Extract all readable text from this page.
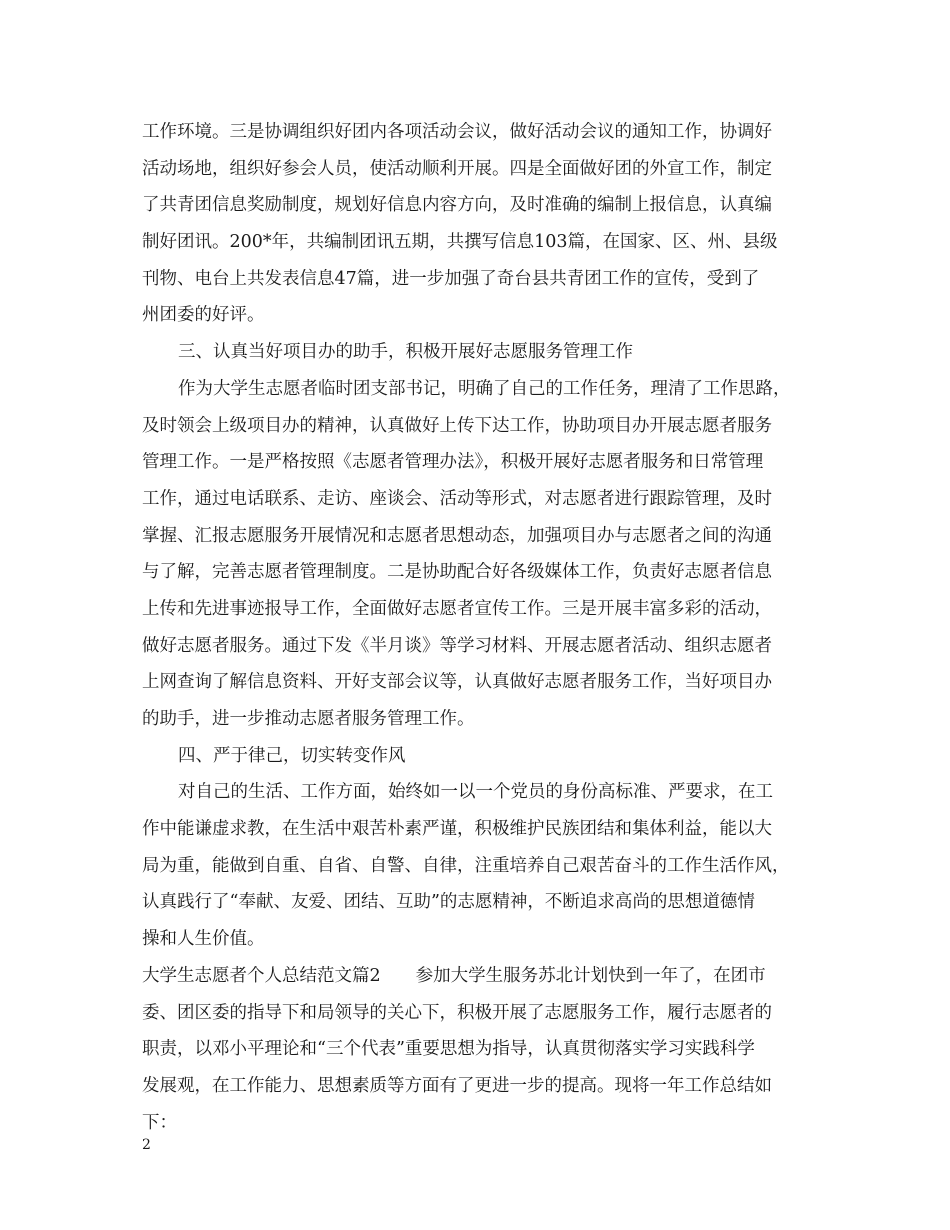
工作环境。三是协调组织好团内各项活动会议，做好活动会议的通知工作，协调好
活动场地，组织好参会人员，使活动顺利开展。四是全面做好团的外宣工作，制定
了共青团信息奖励制度，规划好信息内容方向，及时准确的编制上报信息，认真编
制好团讯。200*年，共编制团讯五期，共撰写信息103篇，在国家、区、州、县级
刊物、电台上共发表信息47篇，进一步加强了奇台县共青团工作的宣传，受到了
州团委的好评。
三、认真当好项目办的助手，积极开展好志愿服务管理工作
作为大学生志愿者临时团支部书记，明确了自己的工作任务，理清了工作思路，
及时领会上级项目办的精神，认真做好上传下达工作，协助项目办开展志愿者服务
管理工作。一是严格按照《志愿者管理办法》，积极开展好志愿者服务和日常管理
工作，通过电话联系、走访、座谈会、活动等形式，对志愿者进行跟踪管理，及时
掌握、汇报志愿服务开展情况和志愿者思想动态，加强项目办与志愿者之间的沟通
与了解，完善志愿者管理制度。二是协助配合好各级媒体工作，负责好志愿者信息
上传和先进事迹报导工作，全面做好志愿者宣传工作。三是开展丰富多彩的活动，
做好志愿者服务。通过下发《半月谈》等学习材料、开展志愿者活动、组织志愿者
上网查询了解信息资料、开好支部会议等，认真做好志愿者服务工作，当好项目办
的助手，进一步推动志愿者服务管理工作。
四、严于律己，切实转变作风
对自己的生活、工作方面，始终如一以一个党员的身份高标准、严要求，在工
作中能谦虚求教，在生活中艰苦朴素严谨，积极维护民族团结和集体利益，能以大
局为重，能做到自重、自省、自警、自律，注重培养自己艰苦奋斗的工作生活作风，
认真践行了“奉献、友爱、团结、互助”的志愿精神，不断追求高尚的思想道德情
操和人生价值。
大学生志愿者个人总结范文篇2　　参加大学生服务苏北计划快到一年了，在团市
委、团区委的指导下和局领导的关心下，积极开展了志愿服务工作，履行志愿者的
职责，以邓小平理论和“三个代表”重要思想为指导，认真贯彻落实学习实践科学
发展观，在工作能力、思想素质等方面有了更进一步的提高。现将一年工作总结如
下：
2
